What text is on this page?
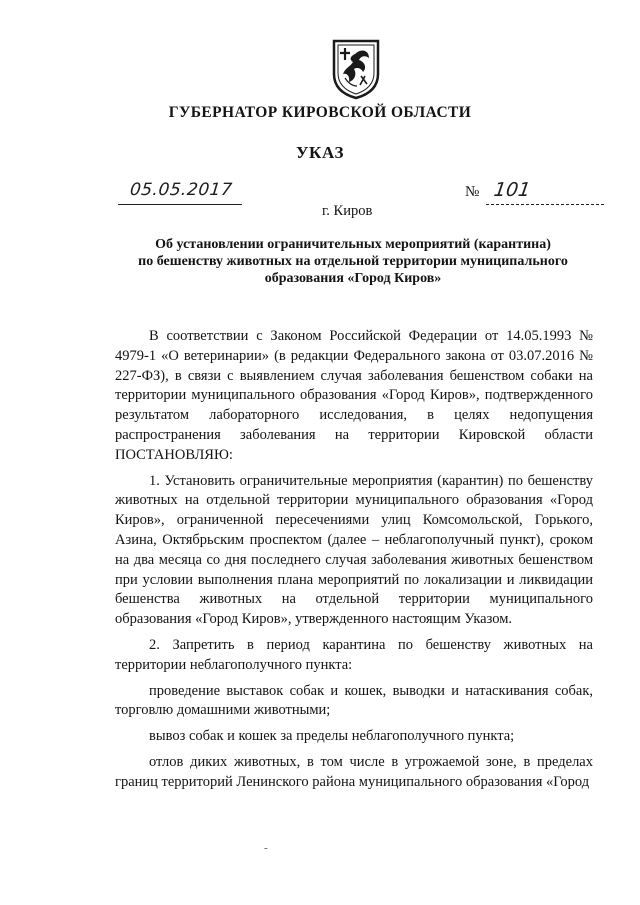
ГУБЕРНАТОР КИРОВСКОЙ ОБЛАСТИ
УКАЗ
05.05.2017	№ 101
г. Киров
Об установлении ограничительных мероприятий (карантина)
по бешенству животных на отдельной территории муниципального
образования «Город Киров»

В соответствии с Законом Российской Федерации от 14.05.1993 № 4979-1 «О ветеринарии» (в редакции Федерального закона от 03.07.2016 № 227-ФЗ), в связи с выявлением случая заболевания бешенством собаки на территории муниципального образования «Город Киров», подтвержденного результатом лабораторного исследования, в целях недопущения распространения заболевания на территории Кировской области ПОСТАНОВЛЯЮ:

1. Установить ограничительные мероприятия (карантин) по бешенству животных на отдельной территории муниципального образования «Город Киров», ограниченной пересечениями улиц Комсомольской, Горького, Азина, Октябрьским проспектом (далее – неблагополучный пункт), сроком на два месяца со дня последнего случая заболевания животных бешенством при условии выполнения плана мероприятий по локализации и ликвидации бешенства животных на отдельной территории муниципального образования «Город Киров», утвержденного настоящим Указом.

2. Запретить в период карантина по бешенству животных на территории неблагополучного пункта:

проведение выставок собак и кошек, выводки и натаскивания собак, торговлю домашними животными;

вывоз собак и кошек за пределы неблагополучного пункта;

отлов диких животных, в том числе в угрожаемой зоне, в пределах границ территорий Ленинского района муниципального образования «Город

-
